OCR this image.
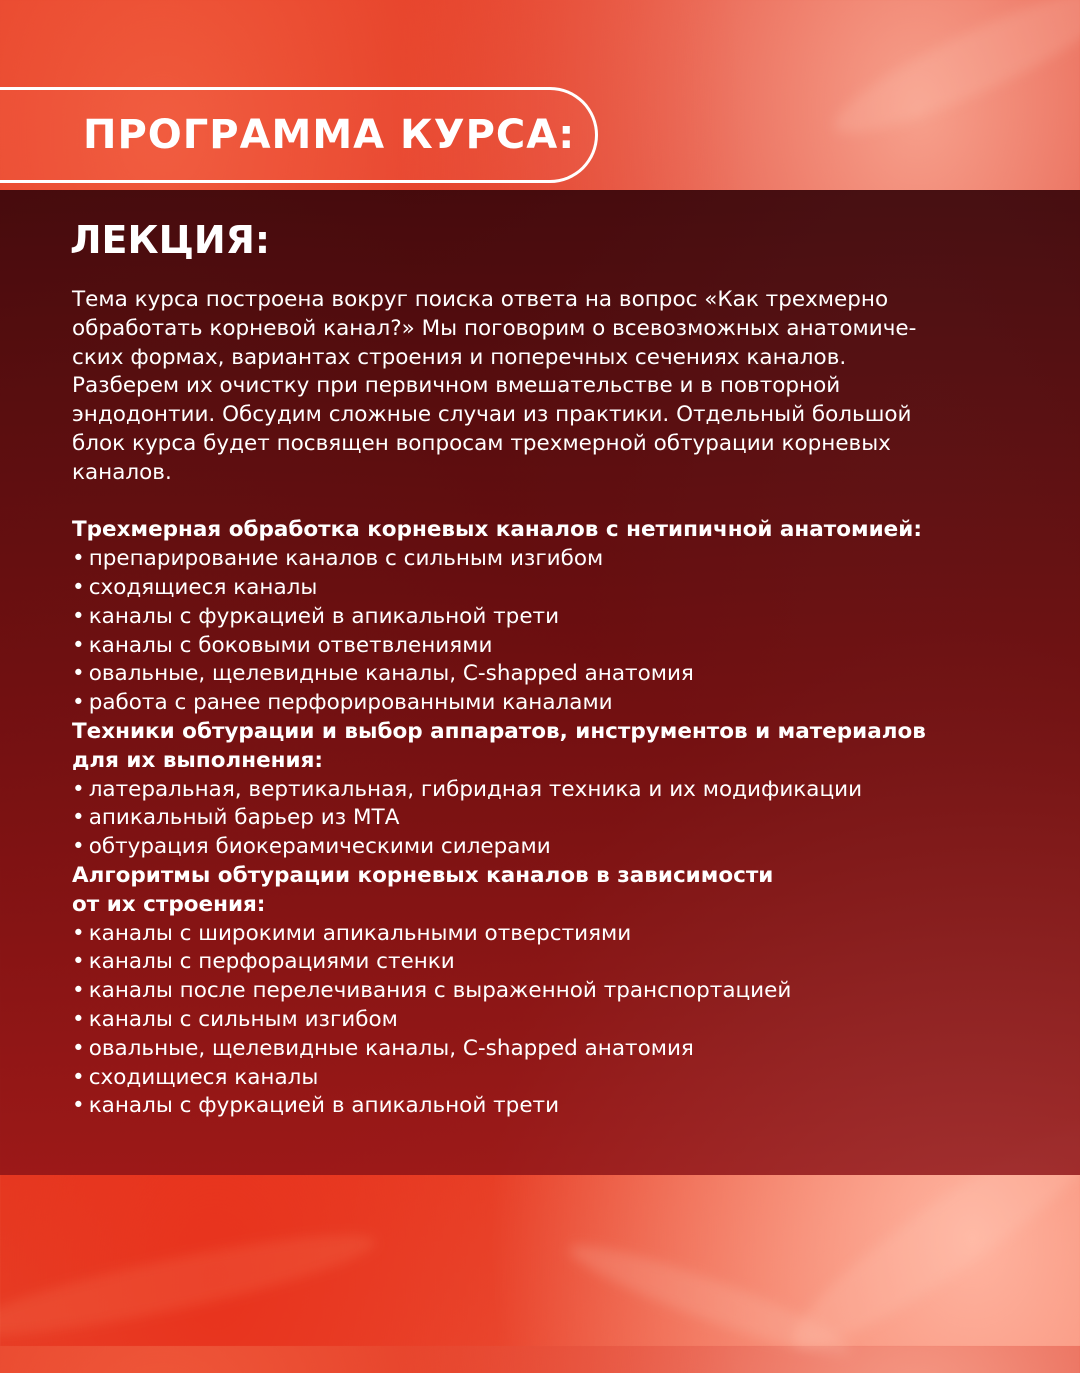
ПРОГРАММА КУРСА:
ЛЕКЦИЯ:

Тема курса построена вокруг поиска ответа на вопрос «Как трехмерно
обработать корневой канал?» Мы поговорим о всевозможных анатомиче-
ских формах, вариантах строения и поперечных сечениях каналов.
Разберем их очистку при первичном вмешательстве и в повторной
эндодонтии. Обсудим сложные случаи из практики. Отдельный большой
блок курса будет посвящен вопросам трехмерной обтурации корневых
каналов.

Трехмерная обработка корневых каналов с нетипичной анатомией:

• препарирование каналов с сильным изгибом
• сходящиеся каналы
• каналы с фуркацией в апикальной трети
• каналы с боковыми ответвлениями
• овальные, щелевидные каналы, С-shapped анатомия
• работа с ранее перфорированными каналами

Техники обтурации и выбор аппаратов, инструментов и материалов
для их выполнения:

• латеральная, вертикальная, гибридная техника и их модификации
• апикальный барьер из МТА
• обтурация биокерамическими силерами

Алгоритмы обтурации корневых каналов в зависимости
от их строения:

• каналы с широкими апикальными отверстиями
• каналы с перфорациями стенки
• каналы после перелечивания с выраженной транспортацией
• каналы с сильным изгибом
• овальные, щелевидные каналы, С-shapped анатомия
• сходищиеся каналы
• каналы с фуркацией в апикальной трети
